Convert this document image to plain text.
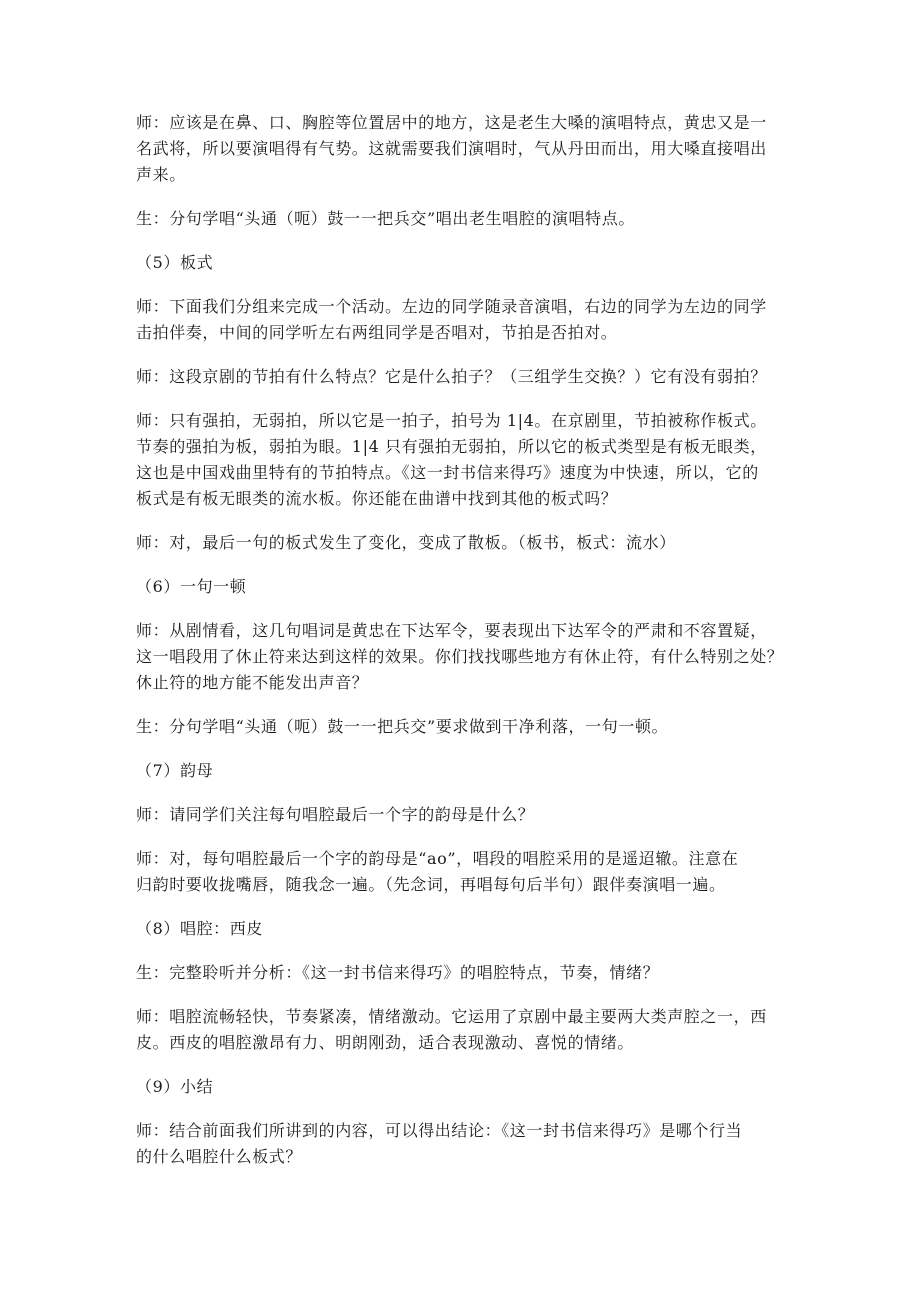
师：应该是在鼻、口、胸腔等位置居中的地方，这是老生大嗓的演唱特点，黄忠又是一
名武将，所以要演唱得有气势。这就需要我们演唱时，气从丹田而出，用大嗓直接唱出
声来。

生：分句学唱“头通（呃）鼓一一把兵交”唱出老生唱腔的演唱特点。

（5）板式

师：下面我们分组来完成一个活动。左边的同学随录音演唱，右边的同学为左边的同学
击拍伴奏，中间的同学听左右两组同学是否唱对，节拍是否拍对。

师：这段京剧的节拍有什么特点？它是什么拍子？（三组学生交换？）它有没有弱拍？

师：只有强拍，无弱拍，所以它是一拍子，拍号为 1|4。在京剧里，节拍被称作板式。
节奏的强拍为板，弱拍为眼。1|4 只有强拍无弱拍，所以它的板式类型是有板无眼类，
这也是中国戏曲里特有的节拍特点。《这一封书信来得巧》速度为中快速，所以，它的
板式是有板无眼类的流水板。你还能在曲谱中找到其他的板式吗？

师：对，最后一句的板式发生了变化，变成了散板。（板书，板式：流水）

（6）一句一顿

师：从剧情看，这几句唱词是黄忠在下达军令，要表现出下达军令的严肃和不容置疑，
这一唱段用了休止符来达到这样的效果。你们找找哪些地方有休止符，有什么特别之处？
休止符的地方能不能发出声音？

生：分句学唱“头通（呃）鼓一一把兵交”要求做到干净利落，一句一顿。

（7）韵母

师：请同学们关注每句唱腔最后一个字的韵母是什么？

师：对，每句唱腔最后一个字的韵母是“ao”，唱段的唱腔采用的是遥迢辙。注意在
归韵时要收拢嘴唇，随我念一遍。（先念词，再唱每句后半句）跟伴奏演唱一遍。

（8）唱腔：西皮

生：完整聆听并分析：《这一封书信来得巧》的唱腔特点，节奏，情绪？

师：唱腔流畅轻快，节奏紧凑，情绪激动。它运用了京剧中最主要两大类声腔之一，西
皮。西皮的唱腔激昂有力、明朗刚劲，适合表现激动、喜悦的情绪。

（9）小结

师：结合前面我们所讲到的内容，可以得出结论：《这一封书信来得巧》是哪个行当
的什么唱腔什么板式？
